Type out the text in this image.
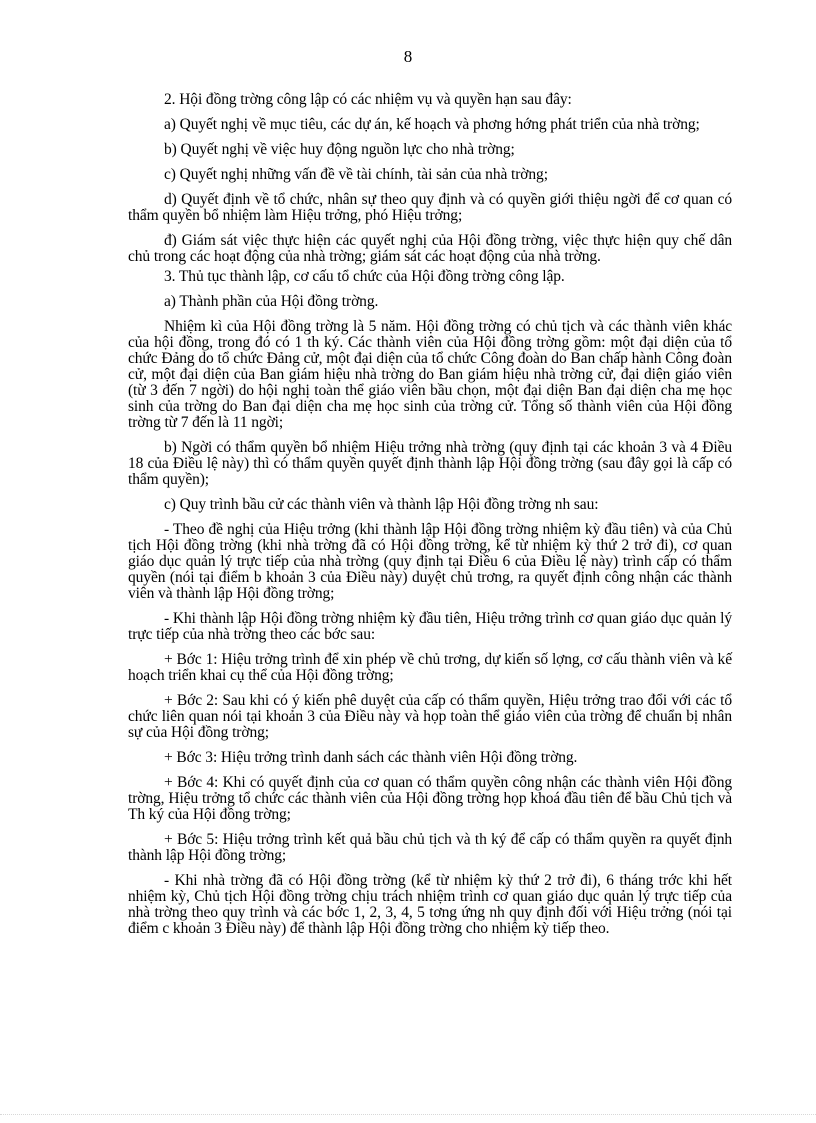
8

2. Hội đồng trờng công lập có các nhiệm vụ và quyền hạn sau đây:

a) Quyết nghị về mục tiêu, các dự án, kế hoạch và phơng hớng phát triển của nhà trờng;

b) Quyết nghị về việc huy động nguồn lực cho nhà trờng;

c) Quyết nghị những vấn đề về tài chính, tài sản của nhà trờng;

d) Quyết định về tổ chức, nhân sự theo quy định và có quyền giới thiệu ngời để cơ quan có thẩm quyền bổ nhiệm làm Hiệu trởng, phó Hiệu trởng;

đ) Giám sát việc thực hiện các quyết nghị của Hội đồng trờng, việc thực hiện quy chế dân chủ trong các hoạt động của nhà trờng; giám sát các hoạt động của nhà trờng.

3. Thủ tục thành lập, cơ cấu tổ chức của Hội đồng trờng công lập.

a) Thành phần của Hội đồng trờng.

Nhiệm kì của Hội đồng trờng là 5 năm. Hội đồng trờng có chủ tịch và các thành viên khác của hội đồng, trong đó có 1 th ký. Các thành viên của Hội đồng trờng gồm: một đại diện của tổ chức Đảng do tổ chức Đảng cử, một đại diện của tổ chức Công đoàn do Ban chấp hành Công đoàn cử, một đại diện của Ban giám hiệu nhà trờng do Ban giám hiệu nhà trờng cử, đại diện giáo viên (từ 3 đến 7 ngời) do hội nghị toàn thể giáo viên bầu chọn, một đại diện Ban đại diện cha mẹ học sinh của trờng do Ban đại diện cha mẹ học sinh của trờng cử. Tổng số thành viên của Hội đồng trờng từ 7 đến là 11 ngời;

b) Ngời có thẩm quyền bổ nhiệm Hiệu trởng nhà trờng (quy định tại các khoản 3 và 4 Điều 18 của Điều lệ này) thì có thẩm quyền quyết định thành lập Hội đồng trờng (sau đây gọi là cấp có thẩm quyền);

c) Quy trình bầu cử các thành viên và thành lập Hội đồng trờng nh sau:

- Theo đề nghị của Hiệu trởng (khi thành lập Hội đồng trờng nhiệm kỳ đầu tiên) và của Chủ tịch Hội đồng trờng (khi nhà trờng đã có Hội đồng trờng, kể từ nhiệm kỳ thứ 2 trở đi), cơ quan giáo dục quản lý trực tiếp của nhà trờng (quy định tại Điều 6 của Điều lệ này) trình cấp có thẩm quyền (nói tại điểm b khoản 3 của Điều này) duyệt chủ trơng, ra quyết định công nhận các thành viên và thành lập Hội đồng trờng;

- Khi thành lập Hội đồng trờng nhiệm kỳ đầu tiên, Hiệu trởng trình cơ quan giáo dục quản lý trực tiếp của nhà trờng theo các bớc sau:

+ Bớc 1: Hiệu trởng trình để xin phép về chủ trơng, dự kiến số lợng, cơ cấu thành viên và kế hoạch triển khai cụ thể của Hội đồng trờng;

+ Bớc 2: Sau khi có ý kiến phê duyệt của cấp có thẩm quyền, Hiệu trởng trao đổi với các tổ chức liên quan nói tại khoản 3 của Điều này và họp toàn thể giáo viên của trờng để chuẩn bị nhân sự của Hội đồng trờng;

+ Bớc 3: Hiệu trởng trình danh sách các thành viên Hội đồng trờng.

+ Bớc 4: Khi có quyết định của cơ quan có thẩm quyền công nhận các thành viên Hội đồng trờng, Hiệu trởng tổ chức các thành viên của Hội đồng trờng họp khoá đầu tiên để bầu Chủ tịch và Th ký của Hội đồng trờng;

+ Bớc 5: Hiệu trởng trình kết quả bầu chủ tịch và th ký để cấp có thẩm quyền ra quyết định thành lập Hội đồng trờng;

- Khi nhà trờng đã có Hội đồng trờng (kể từ nhiệm kỳ thứ 2 trở đi), 6 tháng trớc khi hết nhiệm kỳ, Chủ tịch Hội đồng trờng chịu trách nhiệm trình cơ quan giáo dục quản lý trực tiếp của nhà trờng theo quy trình và các bớc 1, 2, 3, 4, 5 tơng ứng nh quy định đối với Hiệu trởng (nói tại điểm c khoản 3 Điều này) để thành lập Hội đồng trờng cho nhiệm kỳ tiếp theo.
